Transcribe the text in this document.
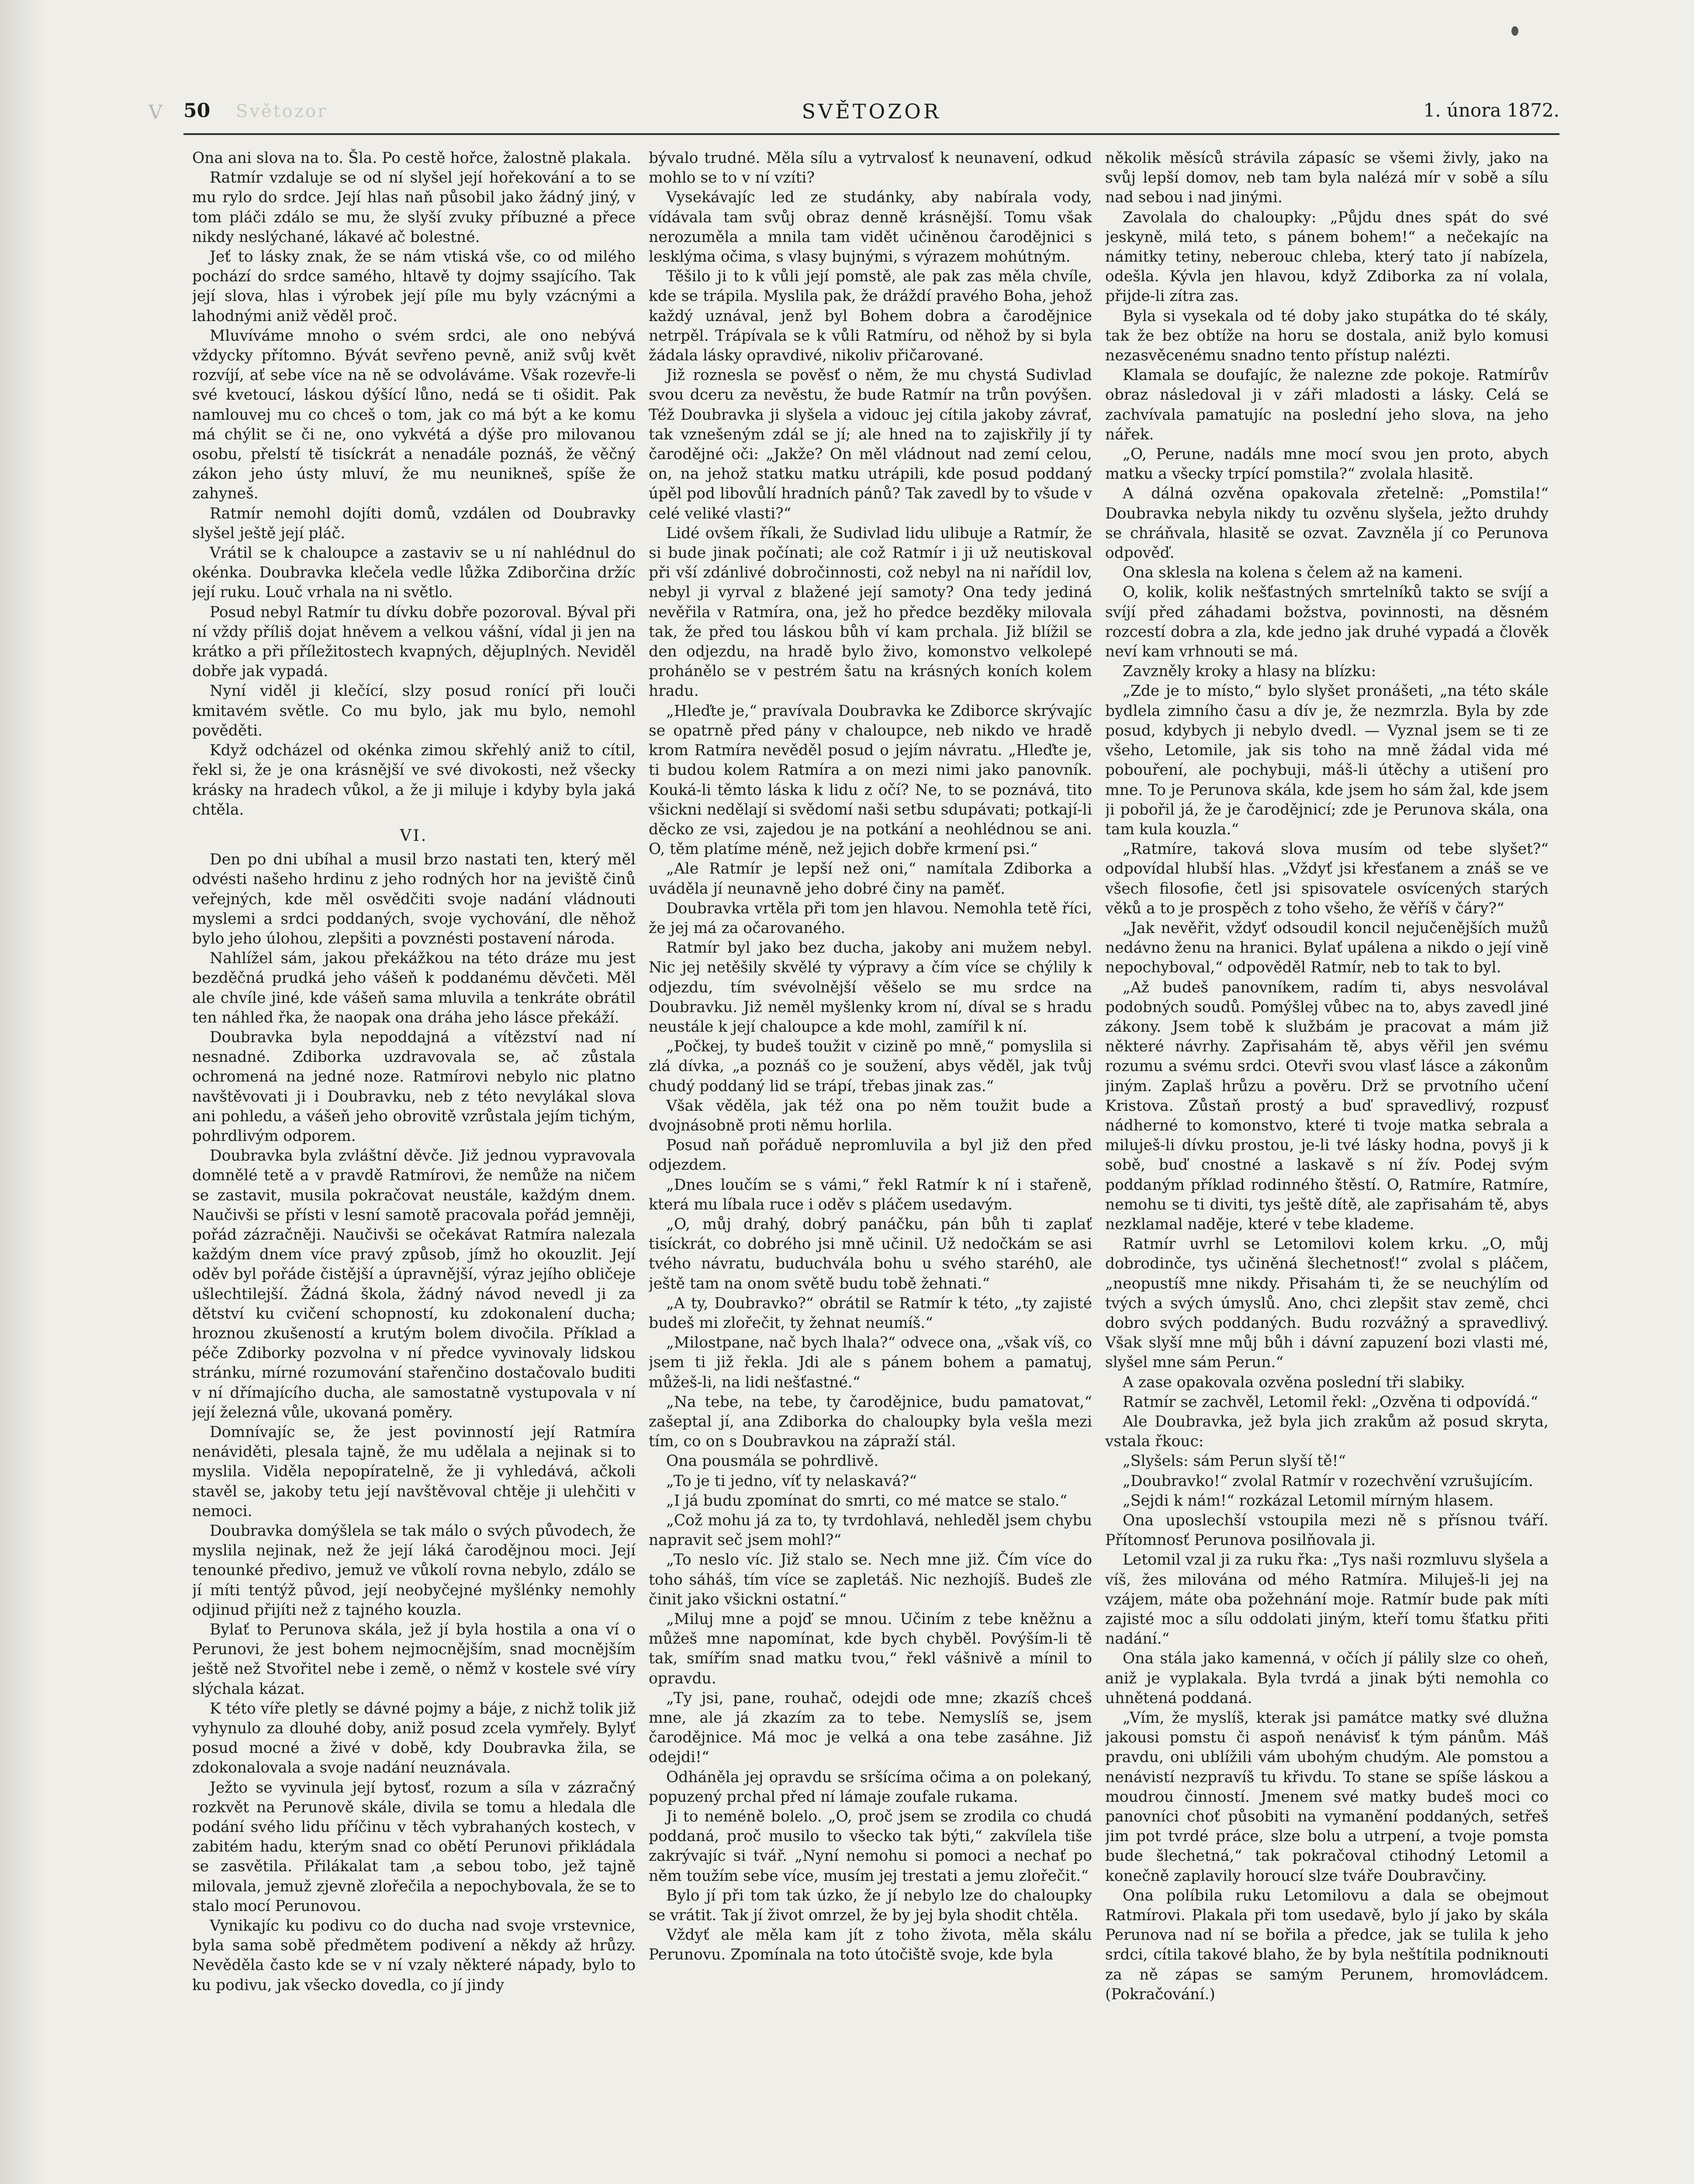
V	Světozor
50	SVĚTOZOR	1. února 1872.

Ona ani slova na to. Šla. Po cestě hořce, žalostně plakala.

Ratmír vzdaluje se od ní slyšel její hořekování a to se mu rylo do srdce. Její hlas naň působil jako žádný jiný, v tom pláči zdálo se mu, že slyší zvuky příbuzné a přece nikdy neslýchané, lákavé ač bolestné.

Jeť to lásky znak, že se nám vtiská vše, co od milého pochází do srdce samého, hltavě ty dojmy ssajícího. Tak její slova, hlas i výrobek její píle mu byly vzácnými a lahodnými aniž věděl proč.

Mluvíváme mnoho o svém srdci, ale ono nebývá vždycky přítomno. Bývát sevřeno pevně, aniž svůj květ rozvíjí, ať sebe více na ně se odvoláváme. Však rozevře-li své kvetoucí, láskou dýšící lůno, nedá se ti ošidit. Pak namlouvej mu co chceš o tom, jak co má být a ke komu má chýlit se či ne, ono vykvétá a dýše pro milovanou osobu, přelstí tě tisíckrát a nenadále poznáš, že věčný zákon jeho ústy mluví, že mu neunikneš, spíše že zahyneš.

Ratmír nemohl dojíti domů, vzdálen od Doubravky slyšel ještě její pláč.

Vrátil se k chaloupce a zastaviv se u ní nahlédnul do okénka. Doubravka klečela vedle lůžka Zdiborčina držíc její ruku. Louč vrhala na ni světlo.

Posud nebyl Ratmír tu dívku dobře pozoroval. Býval při ní vždy příliš dojat hněvem a velkou vášní, vídal ji jen na krátko a při příležitostech kvapných, dějuplných. Neviděl dobře jak vypadá.

Nyní viděl ji klečící, slzy posud ronící při louči kmitavém světle. Co mu bylo, jak mu bylo, nemohl pověděti.

Když odcházel od okénka zimou skřehlý aniž to cítil, řekl si, že je ona krásnější ve své divokosti, než všecky krásky na hradech vůkol, a že ji miluje i kdyby byla jaká chtěla.

VI.

Den po dni ubíhal a musil brzo nastati ten, který měl odvésti našeho hrdinu z jeho rodných hor na jeviště činů veřejných, kde měl osvědčiti svoje nadání vládnouti myslemi a srdci poddaných, svoje vychování, dle něhož bylo jeho úlohou, zlepšiti a povznésti postavení národa.

Nahlížel sám, jakou překážkou na této dráze mu jest bezděčná prudká jeho vášeň k poddanému děvčeti. Měl ale chvíle jiné, kde vášeň sama mluvila a tenkráte obrátil ten náhled řka, že naopak ona dráha jeho lásce překáží.

Doubravka byla nepoddajná a vítězství nad ní nesnadné. Zdiborka uzdravovala se, ač zůstala ochromená na jedné noze. Ratmírovi nebylo nic platno navštěvovati ji i Doubravku, neb z této nevylákal slova ani pohledu, a vášeň jeho obrovitě vzrůstala jejím tichým, pohrdlivým odporem.

Doubravka byla zvláštní děvče. Již jednou vypravovala domnělé tetě a v pravdě Ratmírovi, že nemůže na ničem se zastavit, musila pokračovat neustále, každým dnem. Naučivši se přísti v lesní samotě pracovala pořád jemněji, pořád zázračněji. Naučivši se očekávat Ratmíra nalezala každým dnem více pravý způsob, jímž ho okouzlit. Její oděv byl pořáde čistější a úpravnější, výraz jejího obličeje ušlechtilejší. Žádná škola, žádný návod nevedl ji za dětství ku cvičení schopností, ku zdokonalení ducha; hroznou zkušeností a krutým bolem divočila. Příklad a péče Zdiborky pozvolna v ní předce vyvinovaly lidskou stránku, mírné rozumování stařenčino dostačovalo buditi v ní dřímajícího ducha, ale samostatně vystupovala v ní její železná vůle, ukovaná poměry.

Domnívajíc se, že jest povinností její Ratmíra nenáviděti, plesala tajně, že mu udělala a nejinak si to myslila. Viděla nepopíratelně, že ji vyhledává, ačkoli stavěl se, jakoby tetu její navštěvoval chtěje ji ulehčiti v nemoci.

Doubravka domýšlela se tak málo o svých původech, že myslila nejinak, než že její láká čarodějnou moci. Její tenounké předivo, jemuž ve vůkolí rovna nebylo, zdálo se jí míti tentýž původ, její neobyčejné myšlénky nemohly odjinud přijíti než z tajného kouzla.

Bylať to Perunova skála, jež jí byla hostila a ona ví o Perunovi, že jest bohem nejmocnějším, snad mocnějším ještě než Stvořitel nebe i země, o němž v kostele své víry slýchala kázat.

K této víře pletly se dávné pojmy a báje, z nichž tolik již vyhynulo za dlouhé doby, aniž posud zcela vymřely. Bylyť posud mocné a živé v době, kdy Doubravka žila, se zdokonalovala a svoje nadání neuznávala.

Ježto se vyvinula její bytosť, rozum a síla v zázračný rozkvět na Perunově skále, divila se tomu a hledala dle podání svého lidu příčinu v těch vybrahaných kostech, v zabitém hadu, kterým snad co obětí Perunovi přikládala se zasvětila. Přilákalat tam ,a sebou tobo, jež tajně milovala, jemuž zjevně zlořečila a nepochybovala, že se to stalo mocí Perunovou.

Vynikajíc ku podivu co do ducha nad svoje vrstevnice, byla sama sobě předmětem podivení a někdy až hrůzy. Nevěděla často kde se v ní vzaly některé nápady, bylo to ku podivu, jak všecko dovedla, co jí jindy

bývalo trudné. Měla sílu a vytrvalosť k neunavení, odkud mohlo se to v ní vzíti?

Vysekávajíc led ze studánky, aby nabírala vody, vídávala tam svůj obraz denně krásnější. Tomu však nerozuměla a mnila tam vidět učiněnou čarodějnici s lesklýma očima, s vlasy bujnými, s výrazem mohútným.

Těšilo ji to k vůli její pomstě, ale pak zas měla chvíle, kde se trápila. Myslila pak, že dráždí pravého Boha, jehož každý uznával, jenž byl Bohem dobra a čarodějnice netrpěl. Trápívala se k vůli Ratmíru, od něhož by si byla žádala lásky opravdivé, nikoliv přičarované.

Již roznesla se pověsť o něm, že mu chystá Sudivlad svou dceru za nevěstu, že bude Ratmír na trůn povýšen. Též Doubravka ji slyšela a vidouc jej cítila jakoby závrať, tak vznešeným zdál se jí; ale hned na to zajiskřily jí ty čarodějné oči: „Jakže? On měl vládnout nad zemí celou, on, na jehož statku matku utrápili, kde posud poddaný úpěl pod libovůlí hradních pánů? Tak zavedl by to všude v celé veliké vlasti?“

Lidé ovšem říkali, že Sudivlad lidu ulibuje a Ratmír, že si bude jinak počínati; ale což Ratmír i ji už neutiskoval při vší zdánlivé dobročinnosti, což nebyl na ni nařídil lov, nebyl ji vyrval z blažené její samoty? Ona tedy jediná nevěřila v Ratmíra, ona, jež ho předce bezděky milovala tak, že před tou láskou bůh ví kam prchala. Již blížil se den odjezdu, na hradě bylo živo, komonstvo velkolepé prohánělo se v pestrém šatu na krásných koních kolem hradu.

„Hleďte je,“ pravívala Doubravka ke Zdiborce skrývajíc se opatrně před pány v chaloupce, neb nikdo ve hradě krom Ratmíra nevěděl posud o jejím návratu. „Hleďte je, ti budou kolem Ratmíra a on mezi nimi jako panovník. Kouká-li těmto láska k lidu z očí? Ne, to se poznává, tito všickni nedělají si svědomí naši setbu sdupávati; potkají-li děcko ze vsi, zajedou je na potkání a neohlédnou se ani. O, těm platíme méně, než jejich dobře krmení psi.“

„Ale Ratmír je lepší než oni,“ namítala Zdiborka a uváděla jí neunavně jeho dobré činy na paměť.

Doubravka vrtěla při tom jen hlavou. Nemohla tetě říci, že jej má za očarovaného.

Ratmír byl jako bez ducha, jakoby ani mužem nebyl. Nic jej netěšily skvělé ty výpravy a čím více se chýlily k odjezdu, tím svévolnější věšelo se mu srdce na Doubravku. Již neměl myšlenky krom ní, díval se s hradu neustále k její chaloupce a kde mohl, zamířil k ní.

„Počkej, ty budeš toužit v cizině po mně,“ pomyslila si zlá dívka, „a poznáš co je soužení, abys věděl, jak tvůj chudý poddaný lid se trápí, třebas jinak zas.“

Však věděla, jak též ona po něm toužit bude a dvojnásobně proti němu horlila.

Posud naň pořáduě nepromluvila a byl již den před odjezdem.

„Dnes loučím se s vámi,“ řekl Ratmír k ní i stařeně, která mu líbala ruce i oděv s pláčem usedavým.

„O, můj drahý, dobrý panáčku, pán bůh ti zaplať tisíckrát, co dobrého jsi mně učinil. Už nedočkám se asi tvého návratu, buduchvála bohu u svého staréh0, ale ještě tam na onom světě budu tobě žehnati.“

„A ty, Doubravko?“ obrátil se Ratmír k této, „ty zajisté budeš mi zlořečit, ty žehnat neumíš.“

„Milostpane, nač bych lhala?“ odvece ona, „však víš, co jsem ti již řekla. Jdi ale s pánem bohem a pamatuj, můžeš-li, na lidi nešťastné.“

„Na tebe, na tebe, ty čarodějnice, budu pamatovat,“ zašeptal jí, ana Zdiborka do chaloupky byla vešla mezi tím, co on s Doubravkou na zápraží stál.

Ona pousmála se pohrdlivě.

„To je ti jedno, víť ty nelaskavá?“

„I já budu zpomínat do smrti, co mé matce se stalo.“

„Což mohu já za to, ty tvrdohlavá, nehleděl jsem chybu napravit seč jsem mohl?“

„To neslo víc. Již stalo se. Nech mne již. Čím více do toho sáháš, tím více se zapletáš. Nic nezhojíš. Budeš zle činit jako všickni ostatní.“

„Miluj mne a pojď se mnou. Učiním z tebe kněžnu a můžeš mne napomínat, kde bych chyběl. Povýším-li tě tak, smířím snad matku tvou,“ řekl vášnivě a mínil to opravdu.

„Ty jsi, pane, rouhač, odejdi ode mne; zkazíš chceš mne, ale já zkazím za to tebe. Nemyslíš se, jsem čarodějnice. Má moc je velká a ona tebe zasáhne. Již odejdi!“

Odháněla jej opravdu se sršícíma očima a on polekaný, popuzený prchal před ní lámaje zoufale rukama.

Ji to neméně bolelo. „O, proč jsem se zrodila co chudá poddaná, proč musilo to všecko tak býti,“ zakvílela tiše zakrývajíc si tvář. „Nyní nemohu si pomoci a nechať po něm toužím sebe více, musím jej trestati a jemu zlořečit.“

Bylo jí při tom tak úzko, že jí nebylo lze do chaloupky se vrátit. Tak jí život omrzel, že by jej byla shodit chtěla.

Vždyť ale měla kam jít z toho života, měla skálu Perunovu. Zpomínala na toto útočiště svoje, kde byla

několik měsíců strávila zápasíc se všemi živly, jako na svůj lepší domov, neb tam byla nalézá mír v sobě a sílu nad sebou i nad jinými.

Zavolala do chaloupky: „Půjdu dnes spát do své jeskyně, milá teto, s pánem bohem!“ a nečekajíc na námitky tetiny, neberouc chleba, který tato jí nabízela, odešla. Kývla jen hlavou, když Zdiborka za ní volala, přijde-li zítra zas.

Byla si vysekala od té doby jako stupátka do té skály, tak že bez obtíže na horu se dostala, aniž bylo komusi nezasvěcenému snadno tento přístup nalézti.

Klamala se doufajíc, že nalezne zde pokoje. Ratmírův obraz následoval ji v záři mladosti a lásky. Celá se zachvívala pamatujíc na poslední jeho slova, na jeho nářek.

„O, Perune, nadáls mne mocí svou jen proto, abych matku a všecky trpící pomstila?“ zvolala hlasitě.

A dálná ozvěna opakovala zřetelně: „Pomstila!“ Doubravka nebyla nikdy tu ozvěnu slyšela, ježto druhdy se chráňvala, hlasitě se ozvat. Zavzněla jí co Perunova odpověď.

Ona sklesla na kolena s čelem až na kameni.

O, kolik, kolik nešťastných smrtelníků takto se svíjí a svíjí před záhadami božstva, povinnosti, na děsném rozcestí dobra a zla, kde jedno jak druhé vypadá a člověk neví kam vrhnouti se má.

Zavzněly kroky a hlasy na blízku:

„Zde je to místo,“ bylo slyšet pronášeti, „na této skále bydlela zimního času a dív je, že nezmrzla. Byla by zde posud, kdybych ji nebylo dvedl. — Vyznal jsem se ti ze všeho, Letomile, jak sis toho na mně žádal vida mé pobouření, ale pochybuji, máš-li útěchy a utišení pro mne. To je Perunova skála, kde jsem ho sám žal, kde jsem ji pobořil já, že je čarodějnicí; zde je Perunova skála, ona tam kula kouzla.“

„Ratmíre, taková slova musím od tebe slyšet?“ odpovídal hlubší hlas. „Vždyť jsi křesťanem a znáš se ve všech filosofie, četl jsi spisovatele osvícených starých věků a to je prospěch z toho všeho, že věříš v čáry?“

„Jak nevěřit, vždyť odsoudil koncil nejučenějších mužů nedávno ženu na hranici. Bylať upálena a nikdo o její vině nepochyboval,“ odpověděl Ratmír, neb to tak to byl.

„Až budeš panovníkem, radím ti, abys nesvolával podobných soudů. Pomýšlej vůbec na to, abys zavedl jiné zákony. Jsem tobě k službám je pracovat a mám již některé návrhy. Zapřisahám tě, abys věřil jen svému rozumu a svému srdci. Otevři svou vlasť lásce a zákonům jiným. Zaplaš hrůzu a pověru. Drž se prvotního učení Kristova. Zůstaň prostý a buď spravedlivý, rozpusť nádherné to komonstvo, které ti tvoje matka sebrala a miluješ-li dívku prostou, je-li tvé lásky hodna, povyš ji k sobě, buď cnostné a laskavě s ní žív. Podej svým poddaným příklad rodinného štěstí. O, Ratmíre, Ratmíre, nemohu se ti diviti, tys ještě dítě, ale zapřisahám tě, abys nezklamal naděje, které v tebe klademe.

Ratmír uvrhl se Letomilovi kolem krku. „O, můj dobrodinče, tys učiněná šlechetnosť!“ zvolal s pláčem, „neopustíš mne nikdy. Přisahám ti, že se neuchýlím od tvých a svých úmyslů. Ano, chci zlepšit stav země, chci dobro svých poddaných. Budu rozvážný a spravedlivý. Však slyší mne můj bůh i dávní zapuzení bozi vlasti mé, slyšel mne sám Perun.“

A zase opakovala ozvěna poslední tři slabiky.

Ratmír se zachvěl, Letomil řekl: „Ozvěna ti odpovídá.“

Ale Doubravka, jež byla jich zrakům až posud skryta, vstala řkouc:

„Slyšels: sám Perun slyší tě!“

„Doubravko!“ zvolal Ratmír v rozechvění vzrušujícím.

„Sejdi k nám!“ rozkázal Letomil mírným hlasem.

Ona uposlechší vstoupila mezi ně s přísnou tváří. Přítomnosť Perunova posilňovala ji.

Letomil vzal ji za ruku řka: „Tys naši rozmluvu slyšela a víš, žes milována od mého Ratmíra. Miluješ-li jej na vzájem, máte oba požehnání moje. Ratmír bude pak míti zajisté moc a sílu oddolati jiným, kteří tomu šťatku přiti nadání.“

Ona stála jako kamenná, v očích jí pálily slze co oheň, aniž je vyplakala. Byla tvrdá a jinak býti nemohla co uhnětená poddaná.

„Vím, že myslíš, kterak jsi památce matky své dlužna jakousi pomstu či aspoň nenávisť k tým pánům. Máš pravdu, oni ublížili vám ubohým chudým. Ale pomstou a nenávistí nezpravíš tu křivdu. To stane se spíše láskou a moudrou činností. Jmenem své matky budeš moci co panovníci choť působiti na vymanění poddaných, setřeš jim pot tvrdé práce, slze bolu a utrpení, a tvoje pomsta bude šlechetná,“ tak pokračoval ctihodný Letomil a konečně zaplavily horoucí slze tváře Doubravčiny.

Ona políbila ruku Letomilovu a dala se obejmout Ratmírovi. Plakala při tom usedavě, bylo jí jako by skála Perunova nad ní se bořila a předce, jak se tulila k jeho srdci, cítila takové blaho, že by byla neštítila podniknouti za ně zápas se samým Perunem, hromovládcem. (Pokračování.)
